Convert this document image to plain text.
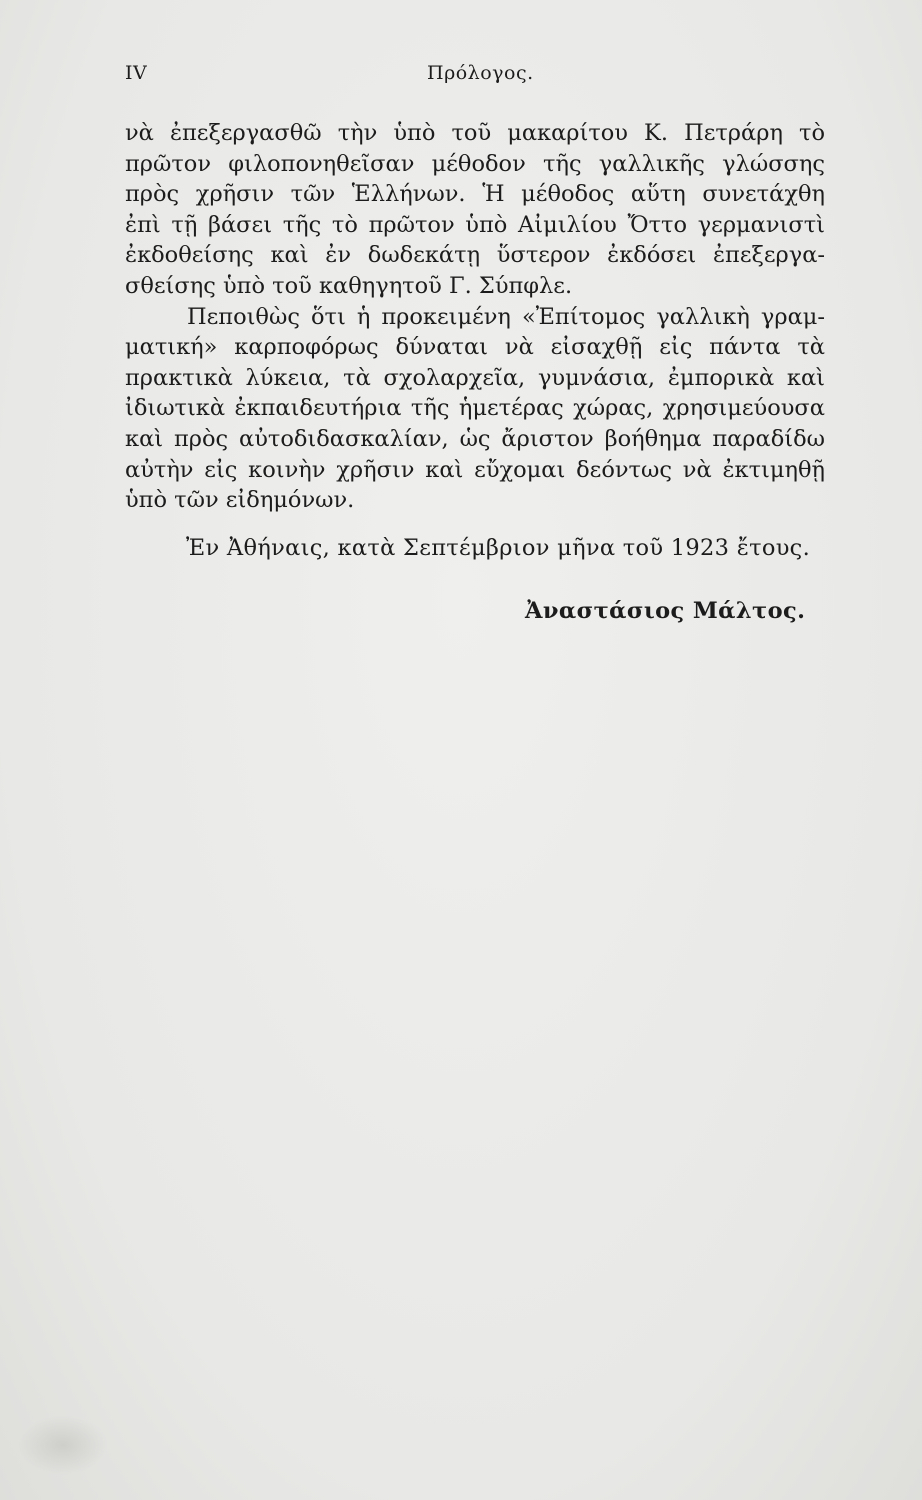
IV	Πρόλογος.
νὰ ἐπεξεργασθῶ τὴν ὑπὸ τοῦ μακαρίτου Κ. Πετράρη τὸ
πρῶτον φιλοπονηθεῖσαν μέθοδον τῆς γαλλικῆς γλώσσης
πρὸς χρῆσιν τῶν Ἑλλήνων. Ἡ μέθοδος αὕτη συνετάχθη
ἐπὶ τῇ βάσει τῆς τὸ πρῶτον ὑπὸ Αἰμιλίου Ὄττο γερμανιστὶ
ἐκδοθείσης καὶ ἐν δωδεκάτῃ ὕστερον ἐκδόσει ἐπεξεργα-
σθείσης ὑπὸ τοῦ καθηγητοῦ Γ. Σύπφλε.
Πεποιθὼς ὅτι ἡ προκειμένη «Ἐπίτομος γαλλικὴ γραμ-
ματική» καρποφόρως δύναται νὰ εἰσαχθῇ εἰς πάντα τὰ
πρακτικὰ λύκεια, τὰ σχολαρχεῖα, γυμνάσια, ἐμπορικὰ καὶ
ἰδιωτικὰ ἐκπαιδευτήρια τῆς ἡμετέρας χώρας, χρησιμεύουσα
καὶ πρὸς αὐτοδιδασκαλίαν, ὡς ἄριστον βοήθημα παραδίδω
αὐτὴν εἰς κοινὴν χρῆσιν καὶ εὔχομαι δεόντως νὰ ἐκτιμηθῇ
ὑπὸ τῶν εἰδημόνων.
Ἐν Ἀθήναις, κατὰ Σεπτέμβριον μῆνα τοῦ 1923 ἔτους.
Ἀναστάσιος Μάλτος.
